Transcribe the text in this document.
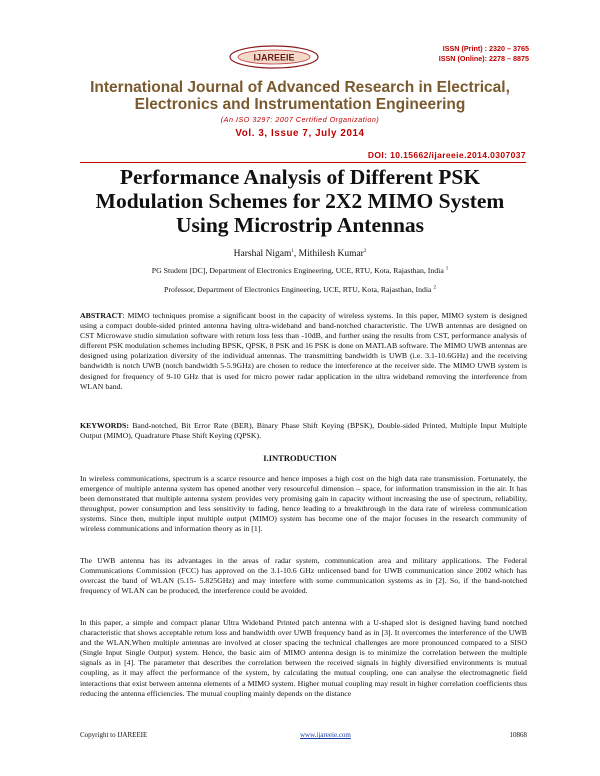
IJAREEIE
ISSN (Print) : 2320 – 3765
ISSN (Online): 2278 – 8875
International Journal of Advanced Research in Electrical,
Electronics and Instrumentation Engineering
(An ISO 3297: 2007 Certified Organization)
Vol. 3, Issue 7, July 2014
DOI: 10.15662/ijareeie.2014.0307037
Performance Analysis of Different PSK
Modulation Schemes for 2X2 MIMO System
Using Microstrip Antennas
Harshal Nigam$^1$, Mithilesh Kumar$^2$
PG Student [DC], Department of Electronics Engineering, UCE, RTU, Kota, Rajasthan, India $^1$
Professor, Department of Electronics Engineering, UCE, RTU, Kota, Rajasthan, India $^2$
ABSTRACT: MIMO techniques promise a significant boost in the capacity of wireless systems. In this paper, MIMO system is designed using a compact double-sided printed antenna having ultra-wideband and band-notched characteristic. The UWB antennas are designed on CST Microwave studio simulation software with return loss less than -10dB, and further using the results from CST, performance analysis of different PSK modulation schemes including BPSK, QPSK, 8 PSK and 16 PSK is done on MATLAB software. The MIMO UWB antennas are designed using polarization diversity of the individual antennas. The transmitting bandwidth is UWB (i.e. 3.1-10.6GHz) and the receiving bandwidth is notch UWB (notch bandwidth 5-5.9GHz) are chosen to reduce the interference at the receiver side. The MIMO UWB system is designed for frequency of 9-10 GHz that is used for micro power radar application in the ultra wideband removing the interference from WLAN band.
KEYWORDS: Band-notched, Bit Error Rate (BER), Binary Phase Shift Keying (BPSK), Double-sided Printed, Multiple Input Multiple Output (MIMO), Quadrature Phase Shift Keying (QPSK).
I.INTRODUCTION
In wireless communications, spectrum is a scarce resource and hence imposes a high cost on the high data rate transmission. Fortunately, the emergence of multiple antenna system has opened another very resourceful dimension – space, for information transmission in the air. It has been demonstrated that multiple antenna system provides very promising gain in capacity without increasing the use of spectrum, reliability, throughput, power consumption and less sensitivity to fading, hence leading to a breakthrough in the data rate of wireless communication systems. Since then, multiple input multiple output (MIMO) system has become one of the major focuses in the research community of wireless communications and information theory as in [1].
The UWB antenna has its advantages in the areas of radar system, communication area and military applications. The Federal Communications Commission (FCC) has approved on the 3.1-10.6 GHz unlicensed band for UWB communication since 2002 which has overcast the band of WLAN (5.15- 5.825GHz) and may interfere with some communication systems as in [2]. So, if the band-notched frequency of WLAN can be produced, the interference could be avoided.
In this paper, a simple and compact planar Ultra Wideband Printed patch antenna with a U-shaped slot is designed having band notched characteristic that shows acceptable return loss and bandwidth over UWB frequency band as in [3]. It overcomes the interference of the UWB and the WLAN.When multiple antennas are involved at closer spacing the technical challenges are more pronounced compared to a SISO (Single Input Single Output) system. Hence, the basic aim of MIMO antenna design is to minimize the correlation between the multiple signals as in [4]. The parameter that describes the correlation between the received signals in highly diversified environments is mutual coupling, as it may affect the performance of the system, by calculating the mutual coupling, one can analyse the electromagnetic field interactions that exist between antenna elements of a MIMO system. Higher mutual coupling may result in higher correlation coefficients thus reducing the antenna efficiencies. The mutual coupling mainly depends on the distance
Copyright to IJAREEIE	www.ijareeie.com	10868
